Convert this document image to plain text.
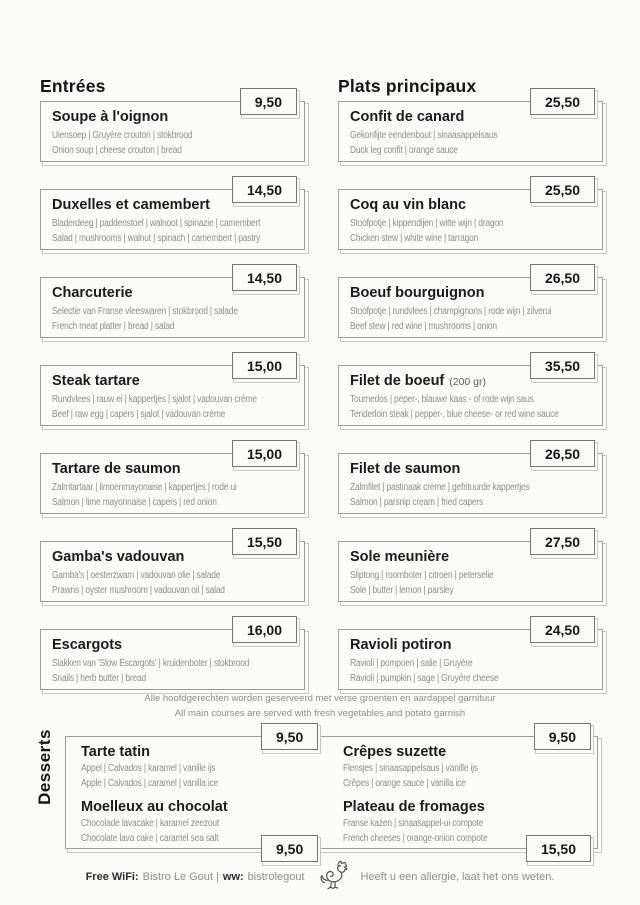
Entrées
9,50
Soupe à l'oignon
Uiensoep | Gruyère crouton | stokbrood
Onion soup | cheese crouton | bread
14,50
Duxelles et camembert
Bladerdeeg | paddenstoel | walnoot | spinazie | camembert
Salad | mushrooms | walnut | spinach | camembert | pastry
14,50
Charcuterie
Selectie van Franse vleeswaren | stokbrood | salade
French meat platter | bread | salad
15,00
Steak tartare
Rundvlees | rauw ei | kappertjes | sjalot | vadouvan crème
Beef | raw egg | capers | sjalot | vadouvan crème
15,00
Tartare de saumon
Zalmtartaar | limoenmayonaise | kappertjes | rode ui
Salmon | lime mayonnaise | capers | red onion
15,50
Gamba's vadouvan
Gamba's | oesterzwam | vadouvan olie | salade
Prawns | oyster mushroom | vadouvan oil | salad
16,00
Escargots
Slakken van 'Slow Escargots' | kruidenboter | stokbrood
Snails | herb butter | bread
Plats principaux
25,50
Confit de canard
Gekonfijte eendenbout | sinaasappelsaus
Duck leg confit | orange sauce
25,50
Coq au vin blanc
Stoofpotje | kippendijen | witte wijn | dragon
Chicken stew | white wine | tarragon
26,50
Boeuf bourguignon
Stoofpotje | rundvlees | champignons | rode wijn | zilverui
Beef stew | red wine | mushrooms | onion
35,50
Filet de boeuf (200 gr)
Tournedos | peper-, blauwe kaas - of rode wijn saus
Tenderloin steak | pepper-, blue cheese- or red wine sauce
26,50
Filet de saumon
Zalmfilet | pastinaak creme | gefrituurde kappertjes
Salmon | parsnip cream | fried capers
27,50
Sole meunière
Sliptong | roomboter | citroen | peterselie
Sole | butter | lemon | parsley
24,50
Ravioli potiron
Ravioli | pompoen | salie | Gruyère
Ravioli | pumpkin | sage | Gruyère cheese
Alle hoofdgerechten worden geserveerd met verse groenten en aardappel garnituur
All main courses are served with fresh vegetables and potato garnish
Desserts	9,50	9,50
9,50	15,50
Tarte tatin
Appel | Calvados | karamel | vanille ijs
Apple | Calvados | caramel | vanilla ice
Moelleux au chocolat
Chocolade lavacake | karamel zeezout
Chocolate lava cake | caramel sea salt
Crêpes suzette
Flensjes | sinaasappelsaus | vanille ijs
Crêpes | orange sauce | vanilla ice
Plateau de fromages
Franse kazen | sinaasappel-ui compote
French cheeses | orange-onion compote
Free WiFi: Bistro Le Gout | ww: bistrolegout	Heeft u een allergie, laat het ons weten.
